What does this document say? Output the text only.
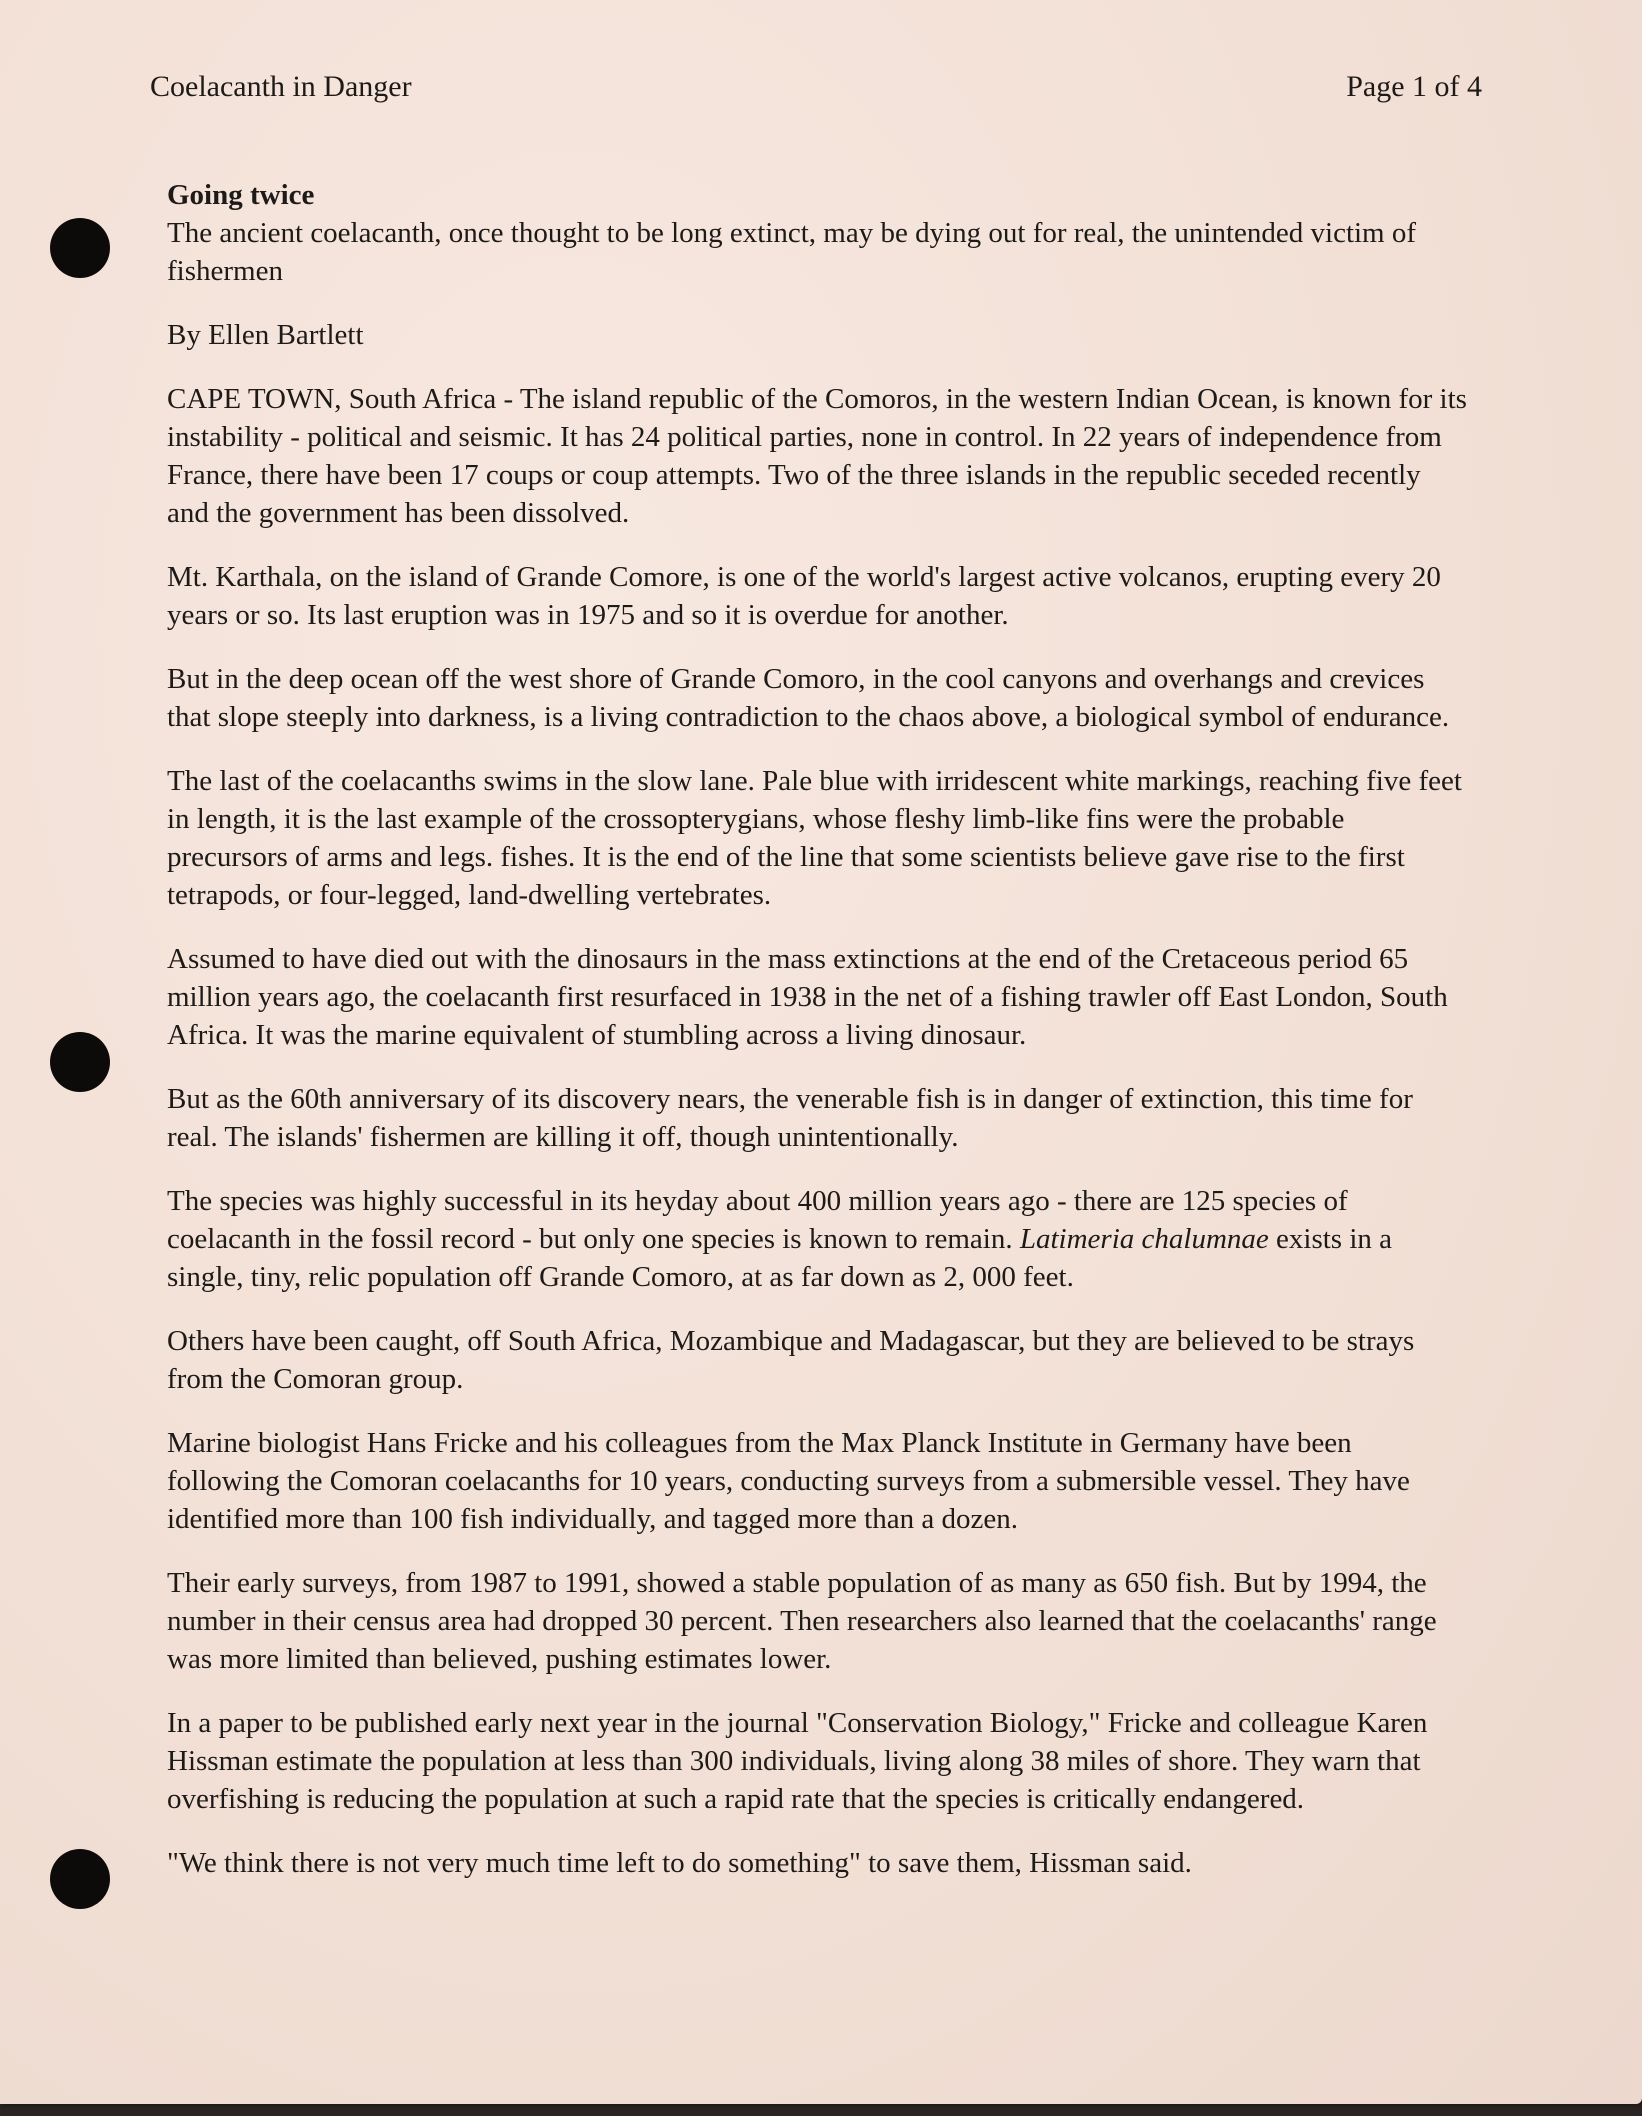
Coelacanth in Danger	Page 1 of 4
Going twice

The ancient coelacanth, once thought to be long extinct, may be dying out for real, the unintended victim of fishermen

By Ellen Bartlett

CAPE TOWN, South Africa - The island republic of the Comoros, in the western Indian Ocean, is known for its instability - political and seismic. It has 24 political parties, none in control. In 22 years of independence from France, there have been 17 coups or coup attempts. Two of the three islands in the republic seceded recently and the government has been dissolved.

Mt. Karthala, on the island of Grande Comore, is one of the world's largest active volcanos, erupting every 20 years or so. Its last eruption was in 1975 and so it is overdue for another.

But in the deep ocean off the west shore of Grande Comoro, in the cool canyons and overhangs and crevices that slope steeply into darkness, is a living contradiction to the chaos above, a biological symbol of endurance.

The last of the coelacanths swims in the slow lane. Pale blue with irridescent white markings, reaching five feet in length, it is the last example of the crossopterygians, whose fleshy limb-like fins were the probable precursors of arms and legs. fishes. It is the end of the line that some scientists believe gave rise to the first tetrapods, or four-legged, land-dwelling vertebrates.

Assumed to have died out with the dinosaurs in the mass extinctions at the end of the Cretaceous period 65 million years ago, the coelacanth first resurfaced in 1938 in the net of a fishing trawler off East London, South Africa. It was the marine equivalent of stumbling across a living dinosaur.

But as the 60th anniversary of its discovery nears, the venerable fish is in danger of extinction, this time for real. The islands' fishermen are killing it off, though unintentionally.

The species was highly successful in its heyday about 400 million years ago - there are 125 species of coelacanth in the fossil record - but only one species is known to remain. Latimeria chalumnae exists in a single, tiny, relic population off Grande Comoro, at as far down as 2, 000 feet.

Others have been caught, off South Africa, Mozambique and Madagascar, but they are believed to be strays from the Comoran group.

Marine biologist Hans Fricke and his colleagues from the Max Planck Institute in Germany have been following the Comoran coelacanths for 10 years, conducting surveys from a submersible vessel. They have identified more than 100 fish individually, and tagged more than a dozen.

Their early surveys, from 1987 to 1991, showed a stable population of as many as 650 fish. But by 1994, the number in their census area had dropped 30 percent. Then researchers also learned that the coelacanths' range was more limited than believed, pushing estimates lower.

In a paper to be published early next year in the journal "Conservation Biology," Fricke and colleague Karen Hissman estimate the population at less than 300 individuals, living along 38 miles of shore. They warn that overfishing is reducing the population at such a rapid rate that the species is critically endangered.

"We think there is not very much time left to do something" to save them, Hissman said.
